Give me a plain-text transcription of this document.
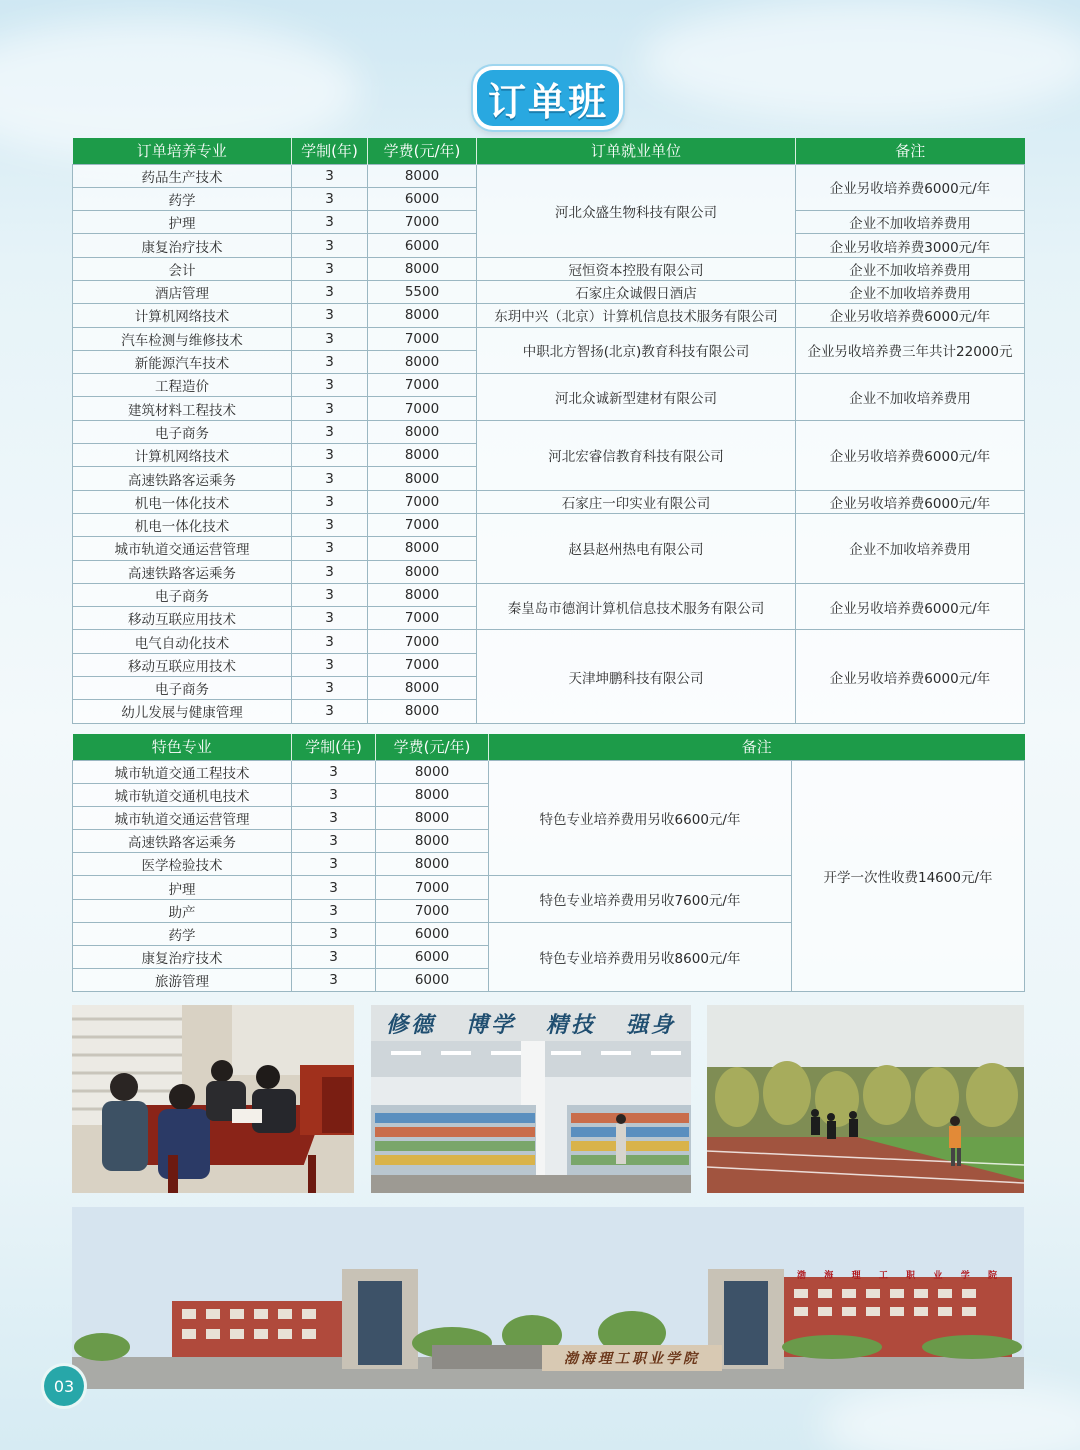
订单班
订单培养专业	学制(年)	学费(元/年)	订单就业单位	备注
药品生产技术	3	8000	河北众盛生物科技有限公司	企业另收培养费6000元/年
药学	3	6000		
护理	3	7000		企业不加收培养费用
康复治疗技术	3	6000		企业另收培养费3000元/年
会计	3	8000	冠恒资本控股有限公司	企业不加收培养费用
酒店管理	3	5500	石家庄众诚假日酒店	企业不加收培养费用
计算机网络技术	3	8000	东玥中兴（北京）计算机信息技术服务有限公司	企业另收培养费6000元/年
汽车检测与维修技术	3	7000	中职北方智扬(北京)教育科技有限公司	企业另收培养费三年共计22000元
新能源汽车技术	3	8000		
工程造价	3	7000	河北众诚新型建材有限公司	企业不加收培养费用
建筑材料工程技术	3	7000		
电子商务	3	8000	河北宏睿信教育科技有限公司	企业另收培养费6000元/年
计算机网络技术	3	8000		
高速铁路客运乘务	3	8000		
机电一体化技术	3	7000	石家庄一印实业有限公司	企业另收培养费6000元/年
机电一体化技术	3	7000	赵县赵州热电有限公司	企业不加收培养费用
城市轨道交通运营管理	3	8000		
高速铁路客运乘务	3	8000		
电子商务	3	8000	秦皇岛市德润计算机信息技术服务有限公司	企业另收培养费6000元/年
移动互联应用技术	3	7000		
电气自动化技术	3	7000	天津坤鹏科技有限公司	企业另收培养费6000元/年
移动互联应用技术	3	7000		
电子商务	3	8000		
幼儿发展与健康管理	3	8000		
特色专业	学制(年)	学费(元/年)	备注	
城市轨道交通工程技术	3	8000	特色专业培养费用另收6600元/年	开学一次性收费14600元/年
城市轨道交通机电技术	3	8000		
城市轨道交通运营管理	3	8000		
高速铁路客运乘务	3	8000		
医学检验技术	3	8000		
护理	3	7000	特色专业培养费用另收7600元/年	
助产	3	7000		
药学	3	6000	特色专业培养费用另收8600元/年	
康复治疗技术	3	6000		
旅游管理	3	6000		
修德 博学 精技 强身
渤海理工职业学院
渤 海 理 工 职 业 学 院
03
